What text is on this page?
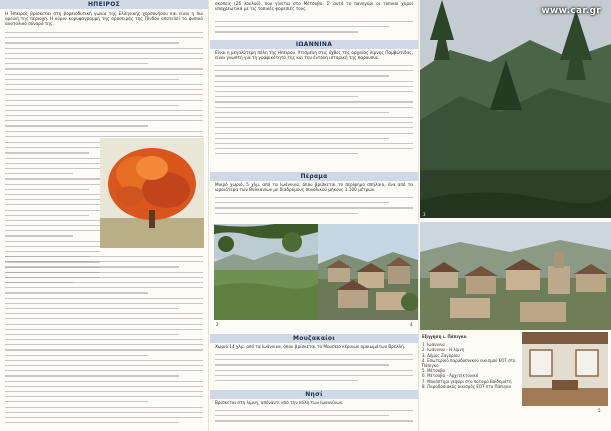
ΗΠΕΙΡΟΣ
Η Ήπειρος βρίσκεται στη βορειοδυτική γωνία της Ελληνικής χερσονήσου και είναι η πιο ορεινή της περιοχή. Η κύρια κορυφογραμμή της οροσειράς της Πίνδου αποτελεί το φυσικό ανατολικό σύνορό της.
σκοπείς (26 λουλού), που γίνεται στο Μέτσοβο. Σ' αυτό το πανηγύρι οι τοπικοί χοροί υποχρεωτικά με τις τοπικές φορεσιές τους.
ΙΩΑΝΝΙΝΑ
Είναι η μεγαλύτερη πόλη της Ηπείρου. Χτισμένη στις όχθες της αρχαίας λίμνης Παμβώτιδας, είναι γνωστή για τη γραφικότητά της και την έντονη ιστορική της παρουσία.
Πέραμα
Μικρό χωριό, 5 χλμ. από τα Ιωάννινα, όπου βρίσκεται το περίφημο σπήλαιο, ένα από τα ωραιότερα των Βαλκανίων με διαδρόμους συνολικού μήκους 1.100 μέτρων.
2	4
Μουζακαίοι
Χωριό 14 χλμ. από τα Ιωάννινα, όπου βρίσκεται το Μουσείο κέρινων ομοιωμάτων Βρελλή.
Νησί
Βρίσκεται στη λίμνη, απέναντι από την πόλη των Ιωαννίνων.
3
Εξηγηση ι. Πάπιγκο
1. Ιωάννινα
2. Ιωάννινα - Η λίμνη
3. Δήμος Ζαγορίου
4. Εσωτερικό παραδοσιακού οικισμού ΕΟΤ στο Πάπιγκο
5. Μέτσοβο
6. Μέτσοβο - Αρχιτεκτονικό
7. Μονάστηρι γεφύρι στο ποταμό Βοϊδομάτη
8. Παραδοσιακός οικισμός ΕΟΤ στο Πάπιγκο
5
www.car.gr
